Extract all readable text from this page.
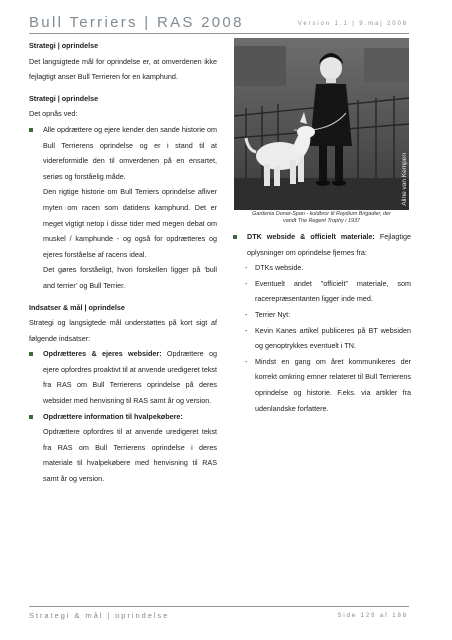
Bull Terriers | RAS 2008	Version 1.1 | 9.maj 2008

Strategi | oprindelse

Det langsigtede mål for oprindelse er, at omverdenen ikke fejlagtigt anser Bull Terrieren for en kamphund.

Strategi | oprindelse

Det opnås ved:

Alle opdrættere og ejere kender den sande historie om Bull Terrierens oprindelse og er i stand til at videreformidle den til omverdenen på en ensartet, seriøs og forståelig måde.

Den rigtige historie om Bull Terriers oprindelse afliver myten om racen som datidens kamphund. Det er meget vigtigt netop i disse tider med megen debat om muskel / kamphunde - og også for opdrætteres og ejeres forståelse af racens ideal.

Det gøres forståeligt, hvori forskellen ligger på ‘bull and terrier’ og Bull Terrier.

Indsatser & mål | oprindelse

Strategi og langsigtede mål understøttes på kort sigt af følgende indsatser:

Opdrætteres & ejeres websider: Opdrættere og ejere opfordres proaktivt til at anvende uredigeret tekst fra RAS om Bull Terrierens oprindelse på deres websider med henvisning til RAS samt år og version.
Opdrættere information til hvalpekøbere:

Opdrættere opfordres til at anvende uredigeret tekst fra RAS om Bull Terrierens oprindelse i deres materiale til hvalpekøbere med henvisning til RAS samt år og version.

Aline van Kempen
Gardenia Donar-Span - kuldbror til Raydium Brigadier, der
vandt The Regent Trophy i 1937
DTK webside & officielt materiale: Fejlagtige oplysninger om oprindelse fjernes fra:
-	DTKs webside.
-	Eventuelt andet ”officielt” materiale, som racerepræsentanten ligger inde med.
-	Terrier Nyt:
-	Kevin Kanes artikel publiceres på BT websiden og genoptrykkes eventuelt i TN.
-	Mindst en gang om året kommunikeres der korrekt omkring emner relateret til Bull Terrierens oprindelse og historie. F.eks. via artikler fra udenlandske forfattere.
Strategi & mål | oprindelse	Side 129 af 188
